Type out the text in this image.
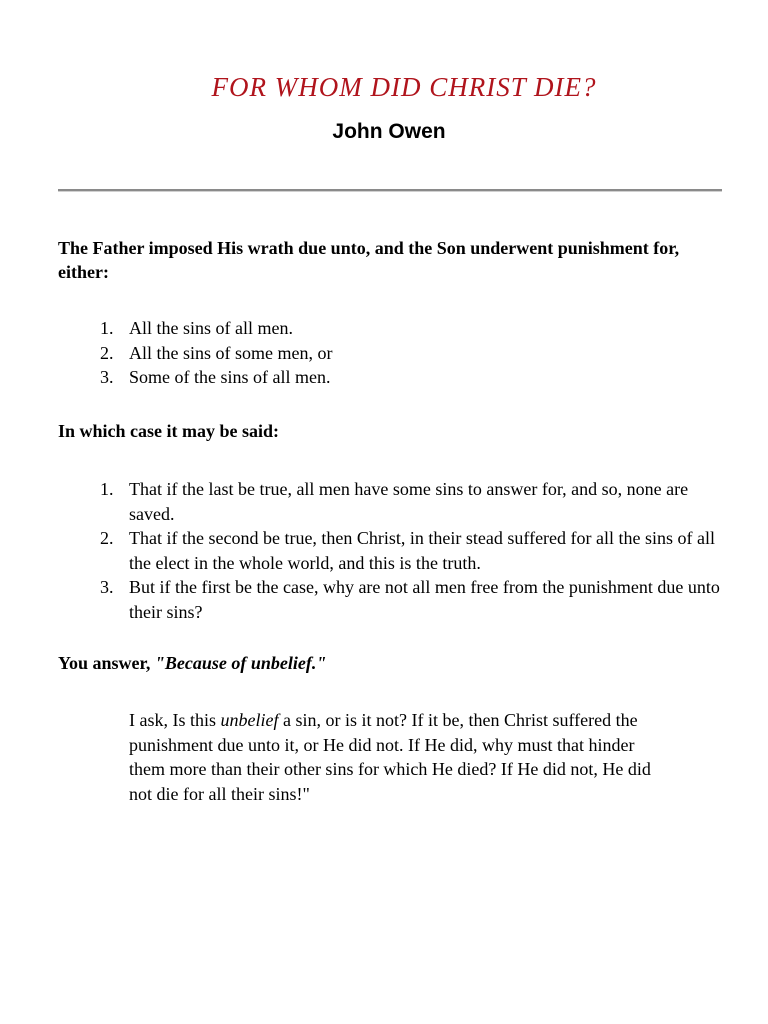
FOR WHOM DID CHRIST DIE?
John Owen

The Father imposed His wrath due unto, and the Son underwent punishment for, either:

1. All the sins of all men.
2. All the sins of some men, or
3. Some of the sins of all men.

In which case it may be said:

1. That if the last be true, all men have some sins to answer for, and so, none are saved.
2. That if the second be true, then Christ, in their stead suffered for all the sins of all the elect in the whole world, and this is the truth.
3. But if the first be the case, why are not all men free from the punishment due unto their sins?

You answer, "Because of unbelief."

I ask, Is this unbelief a sin, or is it not? If it be, then Christ suffered the punishment due unto it, or He did not. If He did, why must that hinder them more than their other sins for which He died? If He did not, He did not die for all their sins!"
